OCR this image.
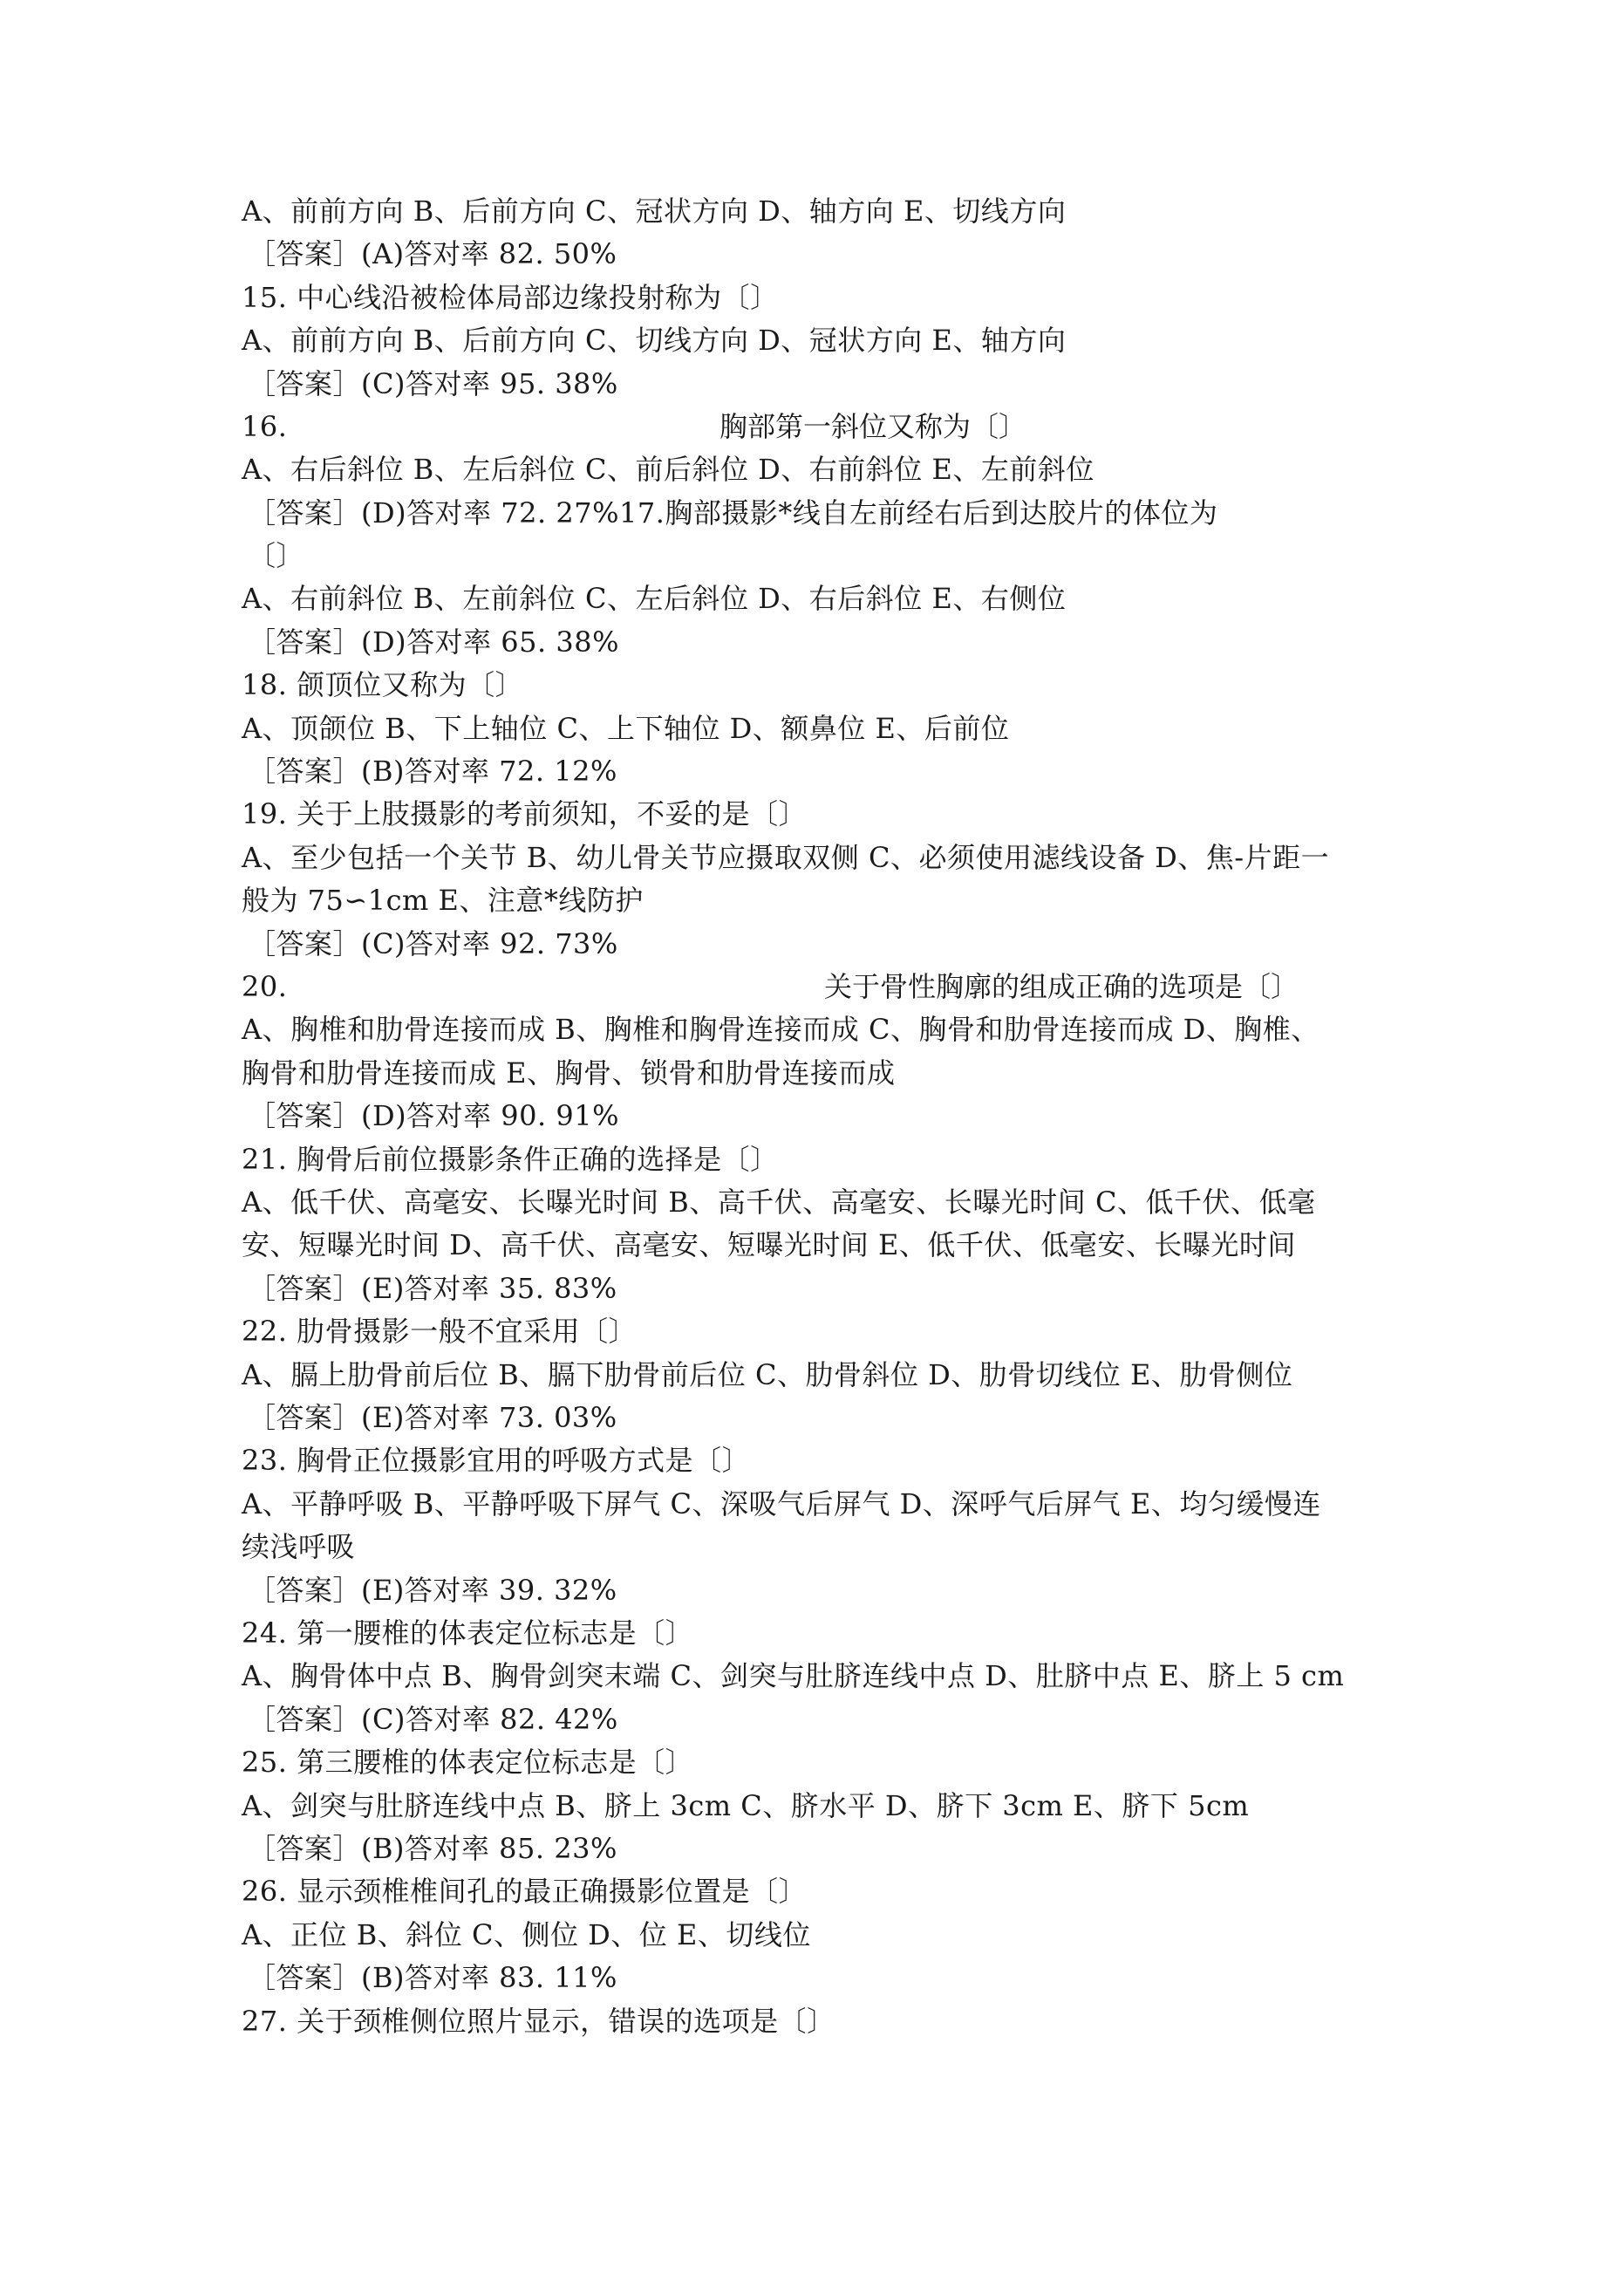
A、前前方向 B、后前方向 C、冠状方向 D、轴方向 E、切线方向
［答案］(A)答对率 82. 50%
15. 中心线沿被检体局部边缘投射称为〔〕
A、前前方向 B、后前方向 C、切线方向 D、冠状方向 E、轴方向
［答案］(C)答对率 95. 38%
16.	胸部第一斜位又称为〔〕
A、右后斜位 B、左后斜位 C、前后斜位 D、右前斜位 E、左前斜位
［答案］(D)答对率 72. 27%17.胸部摄影*线自左前经右后到达胶片的体位为
〔〕
A、右前斜位 B、左前斜位 C、左后斜位 D、右后斜位 E、右侧位
［答案］(D)答对率 65. 38%
18. 颌顶位又称为〔〕
A、顶颌位 B、下上轴位 C、上下轴位 D、额鼻位 E、后前位
［答案］(B)答对率 72. 12%
19. 关于上肢摄影的考前须知，不妥的是〔〕
A、至少包括一个关节 B、幼儿骨关节应摄取双侧 C、必须使用滤线设备 D、焦-片距一
般为 75∽1cm E、注意*线防护
［答案］(C)答对率 92. 73%
20.	关于骨性胸廓的组成正确的选项是〔〕
A、胸椎和肋骨连接而成 B、胸椎和胸骨连接而成 C、胸骨和肋骨连接而成 D、胸椎、
胸骨和肋骨连接而成 E、胸骨、锁骨和肋骨连接而成
［答案］(D)答对率 90. 91%
21. 胸骨后前位摄影条件正确的选择是〔〕
A、低千伏、高毫安、长曝光时间 B、高千伏、高毫安、长曝光时间 C、低千伏、低毫
安、短曝光时间 D、高千伏、高毫安、短曝光时间 E、低千伏、低毫安、长曝光时间
［答案］(E)答对率 35. 83%
22. 肋骨摄影一般不宜采用〔〕
A、膈上肋骨前后位 B、膈下肋骨前后位 C、肋骨斜位 D、肋骨切线位 E、肋骨侧位
［答案］(E)答对率 73. 03%
23. 胸骨正位摄影宜用的呼吸方式是〔〕
A、平静呼吸 B、平静呼吸下屏气 C、深吸气后屏气 D、深呼气后屏气 E、均匀缓慢连
续浅呼吸
［答案］(E)答对率 39. 32%
24. 第一腰椎的体表定位标志是〔〕
A、胸骨体中点 B、胸骨剑突末端 C、剑突与肚脐连线中点 D、肚脐中点 E、脐上 5 cm
［答案］(C)答对率 82. 42%
25. 第三腰椎的体表定位标志是〔〕
A、剑突与肚脐连线中点 B、脐上 3cm C、脐水平 D、脐下 3cm E、脐下 5cm
［答案］(B)答对率 85. 23%
26. 显示颈椎椎间孔的最正确摄影位置是〔〕
A、正位 B、斜位 C、侧位 D、位 E、切线位
［答案］(B)答对率 83. 11%
27. 关于颈椎侧位照片显示，错误的选项是〔〕
